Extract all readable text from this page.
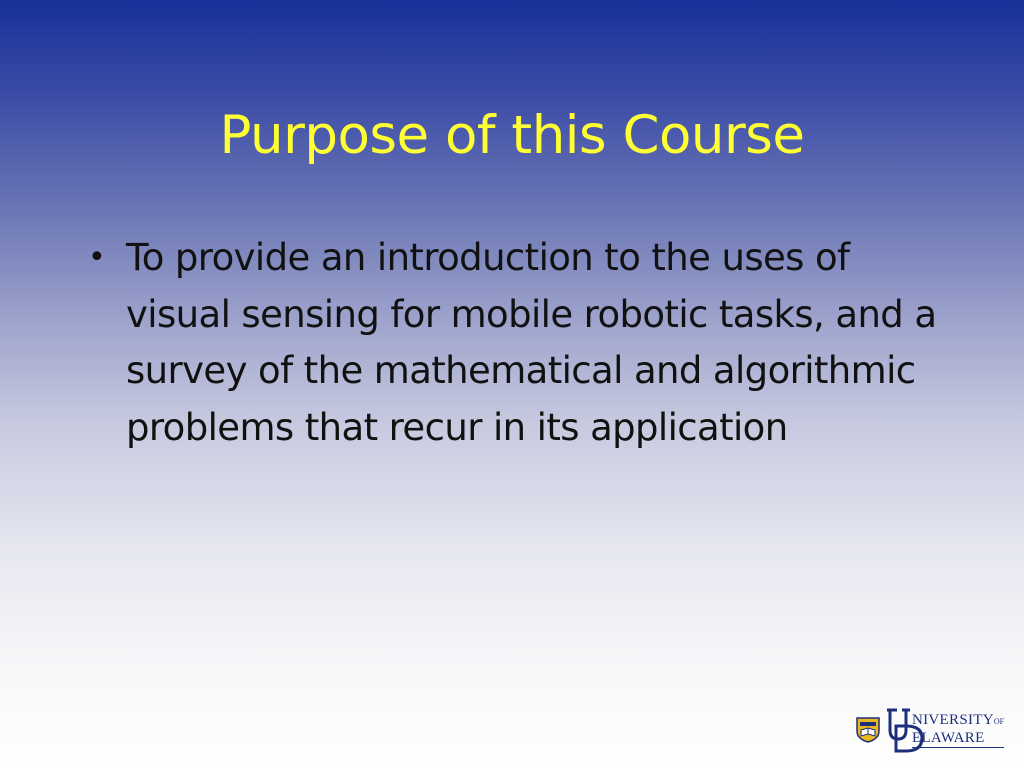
Purpose of this Course
• To provide an introduction to the uses of visual sensing for mobile robotic tasks, and a survey of the mathematical and algorithmic problems that recur in its application
NIVERSITYOF
ELAWARE
